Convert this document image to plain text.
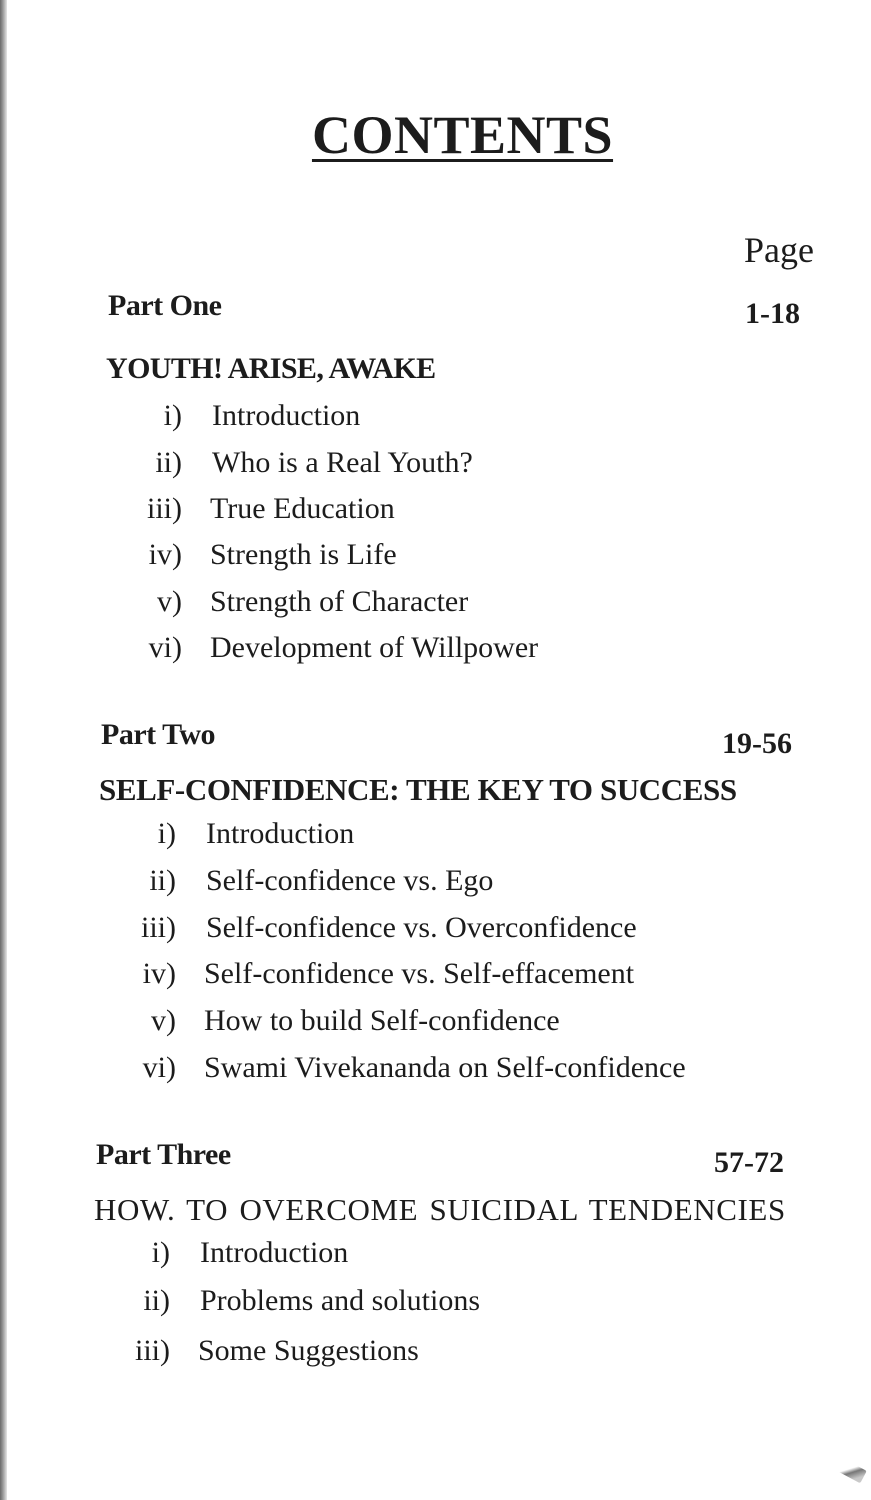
CONTENTS
Page
Part One	1-18
YOUTH! ARISE, AWAKE
i) Introduction
ii) Who is a Real Youth?
iii) True Education
iv) Strength is Life
v) Strength of Character
vi) Development of Willpower
Part Two	19-56
SELF-CONFIDENCE: THE KEY TO SUCCESS
i) Introduction
ii) Self-confidence vs. Ego
iii) Self-confidence vs. Overconfidence
iv) Self-confidence vs. Self-effacement
v) How to build Self-confidence
vi) Swami Vivekananda on Self-confidence
Part Three	57-72
HOW. TO OVERCOME SUICIDAL TENDENCIES
i) Introduction
ii) Problems and solutions
iii) Some Suggestions
